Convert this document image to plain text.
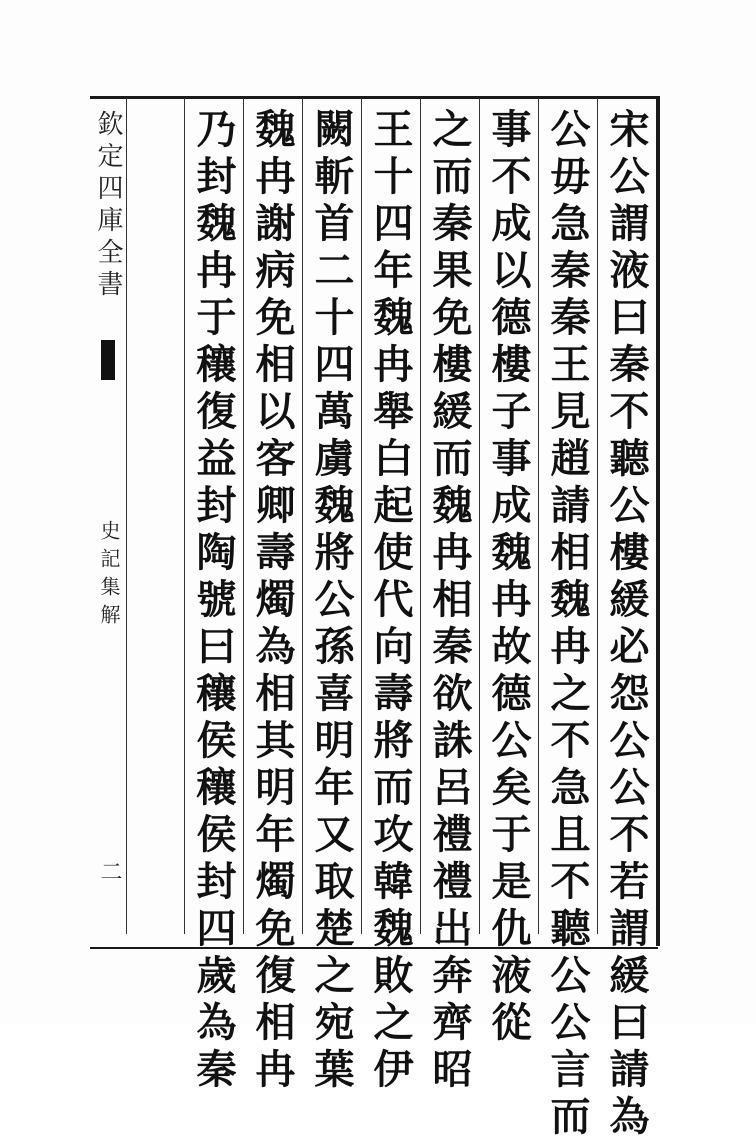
欽定四庫全書
史記集解
二	宋公謂液曰秦不聽公樓緩必怨公公不若謂緩曰請為
公毋急秦秦王見趙請相魏冉之不急且不聽公公言而
事不成以德樓子事成魏冉故德公矣于是仇液從
之而秦果免樓緩而魏冉相秦欲誅呂禮禮出奔齊昭
王十四年魏冉舉白起使代向壽將而攻韓魏敗之伊
闕斬首二十四萬虜魏將公孫喜明年又取楚之宛葉
魏冉謝病免相以客卿壽燭為相其明年燭免復相冉
乃封魏冉于穰復益封陶號曰穰侯穰侯封四歲為秦
